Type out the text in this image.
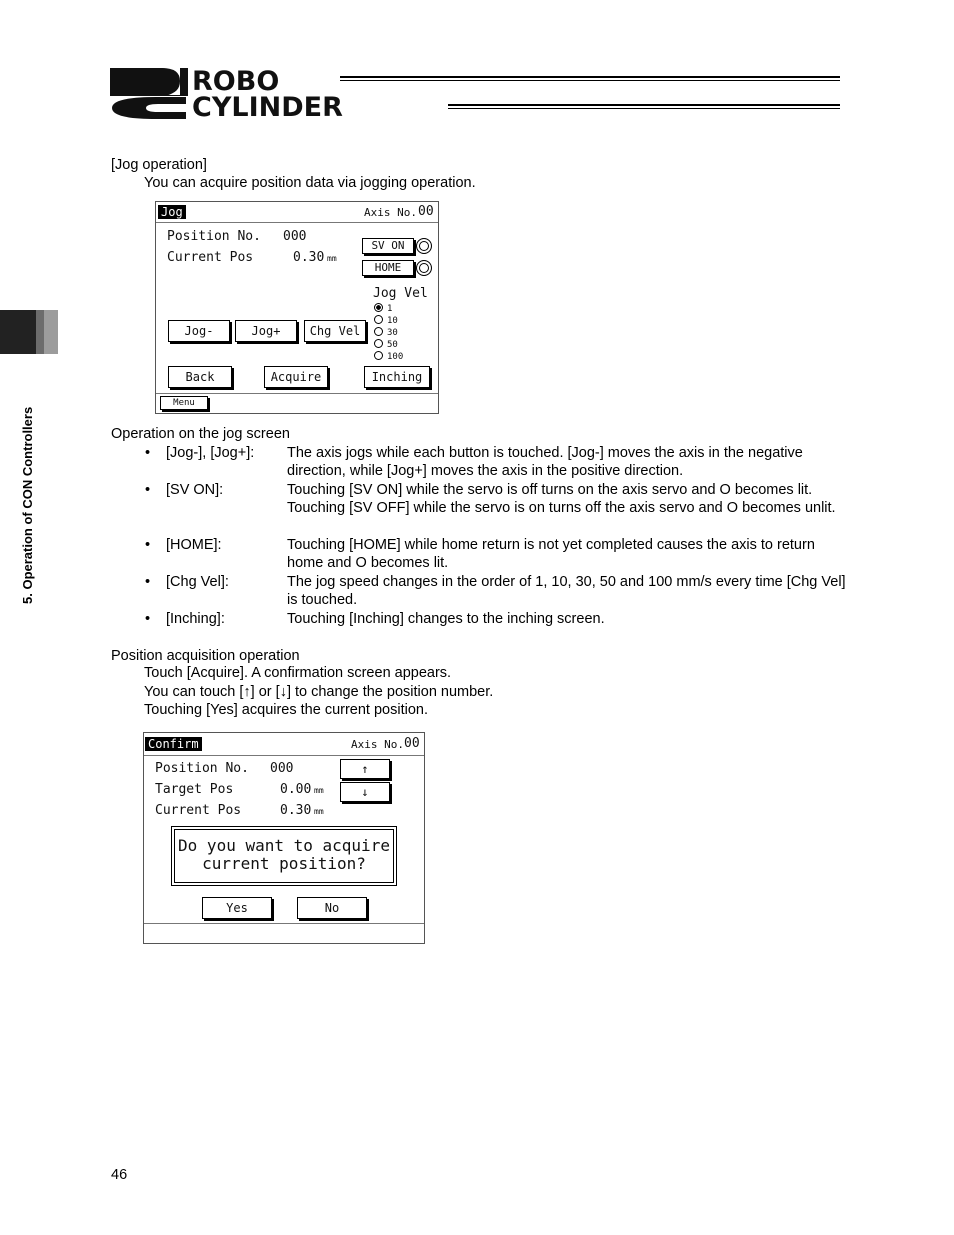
ROBO
CYLINDER
5. Operation of CON Controllers
[Jog operation]
You can acquire position data via jogging operation.
Jog	Axis No. 00
Position No. 000
Current Pos	0.30 mm
SV ON
HOME
Jog Vel
1
10
30
50
100
Jog-	Jog+	Chg Vel
Back	Acquire	Inching
Menu
Operation on the jog screen
• [Jog-], [Jog+]: The axis jogs while each button is touched. [Jog-] moves the axis in the negative direction, while [Jog+] moves the axis in the positive direction.
• [SV ON]:	Touching [SV ON] while the servo is off turns on the axis servo and O becomes lit. Touching [SV OFF] while the servo is on turns off the axis servo and O becomes unlit.
• [HOME]:	Touching [HOME] while home return is not yet completed causes the axis to return home and O becomes lit.
• [Chg Vel]:	The jog speed changes in the order of 1, 10, 30, 50 and 100 mm/s every time [Chg Vel] is touched.
• [Inching]:	Touching [Inching] changes to the inching screen.
Position acquisition operation
Touch [Acquire]. A confirmation screen appears.
You can touch [↑] or [↓] to change the position number.
Touching [Yes] acquires the current position.
Confirm	Axis No. 00
Position No. 000
Target Pos	0.00 mm
Current Pos	0.30 mm
↑
↓
Do you want to acquire
current position?
Yes	No
46
